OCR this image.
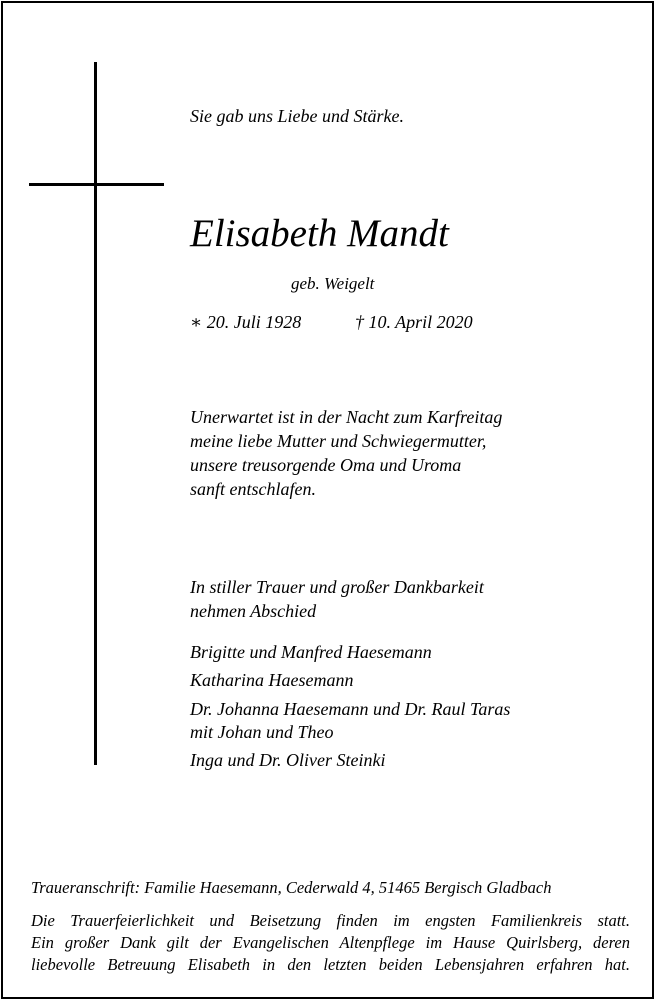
Sie gab uns Liebe und Stärke.
Elisabeth Mandt
geb. Weigelt
∗ 20. Juli 1928	† 10. April 2020
Unerwartet ist in der Nacht zum Karfreitag
meine liebe Mutter und Schwiegermutter,
unsere treusorgende Oma und Uroma
sanft entschlafen.
In stiller Trauer und großer Dankbarkeit
nehmen Abschied
Brigitte und Manfred Haesemann
Katharina Haesemann
Dr. Johanna Haesemann und Dr. Raul Taras
mit Johan und Theo
Inga und Dr. Oliver Steinki
Traueranschrift: Familie Haesemann, Cederwald 4, 51465 Bergisch Gladbach
Die Trauerfeierlichkeit und Beisetzung finden im engsten Familienkreis statt.
Ein großer Dank gilt der Evangelischen Altenpflege im Hause Quirlsberg, deren
liebevolle Betreuung Elisabeth in den letzten beiden Lebensjahren erfahren hat.
